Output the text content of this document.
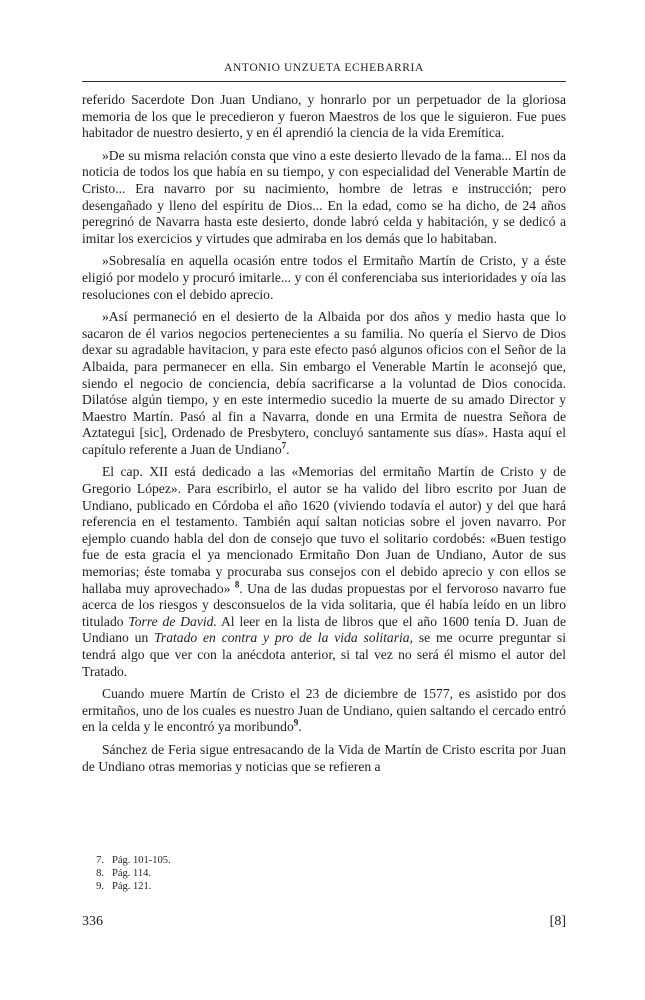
ANTONIO UNZUETA ECHEBARRIA

referido Sacerdote Don Juan Undiano, y honrarlo por un perpetuador de la gloriosa memoria de los que le precedieron y fueron Maestros de los que le siguieron. Fue pues habitador de nuestro desierto, y en él aprendió la ciencia de la vida Eremítica.

»De su misma relación consta que vino a este desierto llevado de la fama... El nos da noticia de todos los que había en su tiempo, y con especialidad del Venerable Martín de Cristo... Era navarro por su nacimiento, hombre de letras e instrucción; pero desengañado y lleno del espíritu de Dios... En la edad, como se ha dicho, de 24 años peregrinó de Navarra hasta este desierto, donde labró celda y habitación, y se dedicó a imitar los exercicios y virtudes que admiraba en los demás que lo habitaban.

»Sobresalía en aquella ocasión entre todos el Ermitaño Martín de Cristo, y a éste eligió por modelo y procuró imitarle... y con él conferenciaba sus interioridades y oía las resoluciones con el debido aprecio.

»Así permaneció en el desierto de la Albaida por dos años y medio hasta que lo sacaron de él varios negocios pertenecientes a su familia. No quería el Siervo de Dios dexar su agradable havitacion, y para este efecto pasó algunos oficios con el Señor de la Albaida, para permanecer en ella. Sin embargo el Venerable Martín le aconsejó que, siendo el negocio de conciencia, debía sacrificarse a la voluntad de Dios conocida. Dilatóse algún tiempo, y en este intermedio sucedio la muerte de su amado Director y Maestro Martín. Pasó al fin a Navarra, donde en una Ermita de nuestra Señora de Aztategui [sic], Ordenado de Presbytero, concluyó santamente sus días». Hasta aquí el capítulo referente a Juan de Undiano$^7$.

El cap. XII está dedicado a las «Memorias del ermitaño Martín de Cristo y de Gregorio López». Para escribirlo, el autor se ha valido del libro escrito por Juan de Undiano, publicado en Córdoba el año 1620 (viviendo todavía el autor) y del que hará referencia en el testamento. También aquí saltan noticias sobre el joven navarro. Por ejemplo cuando habla del don de consejo que tuvo el solitario cordobés: «Buen testigo fue de esta gracia el ya mencionado Ermitaño Don Juan de Undiano, Autor de sus memorias; éste tomaba y procuraba sus consejos con el debido aprecio y con ellos se hallaba muy aprovechado» $^8$. Una de las dudas propuestas por el fervoroso navarro fue acerca de los riesgos y desconsuelos de la vida solitaria, que él había leído en un libro titulado Torre de David. Al leer en la lista de libros que el año 1600 tenía D. Juan de Undiano un Tratado en contra y pro de la vida solitaria, se me ocurre preguntar si tendrá algo que ver con la anécdota anterior, si tal vez no será él mismo el autor del Tratado.

Cuando muere Martín de Cristo el 23 de diciembre de 1577, es asistido por dos ermitaños, uno de los cuales es nuestro Juan de Undiano, quien saltando el cercado entró en la celda y le encontró ya moribundo$^9$.

Sánchez de Feria sigue entresacando de la Vida de Martín de Cristo escrita por Juan de Undiano otras memorias y noticias que se refieren a

7. Pág. 101-105.
8. Pág. 114.
9. Pág. 121.
336	[8]
